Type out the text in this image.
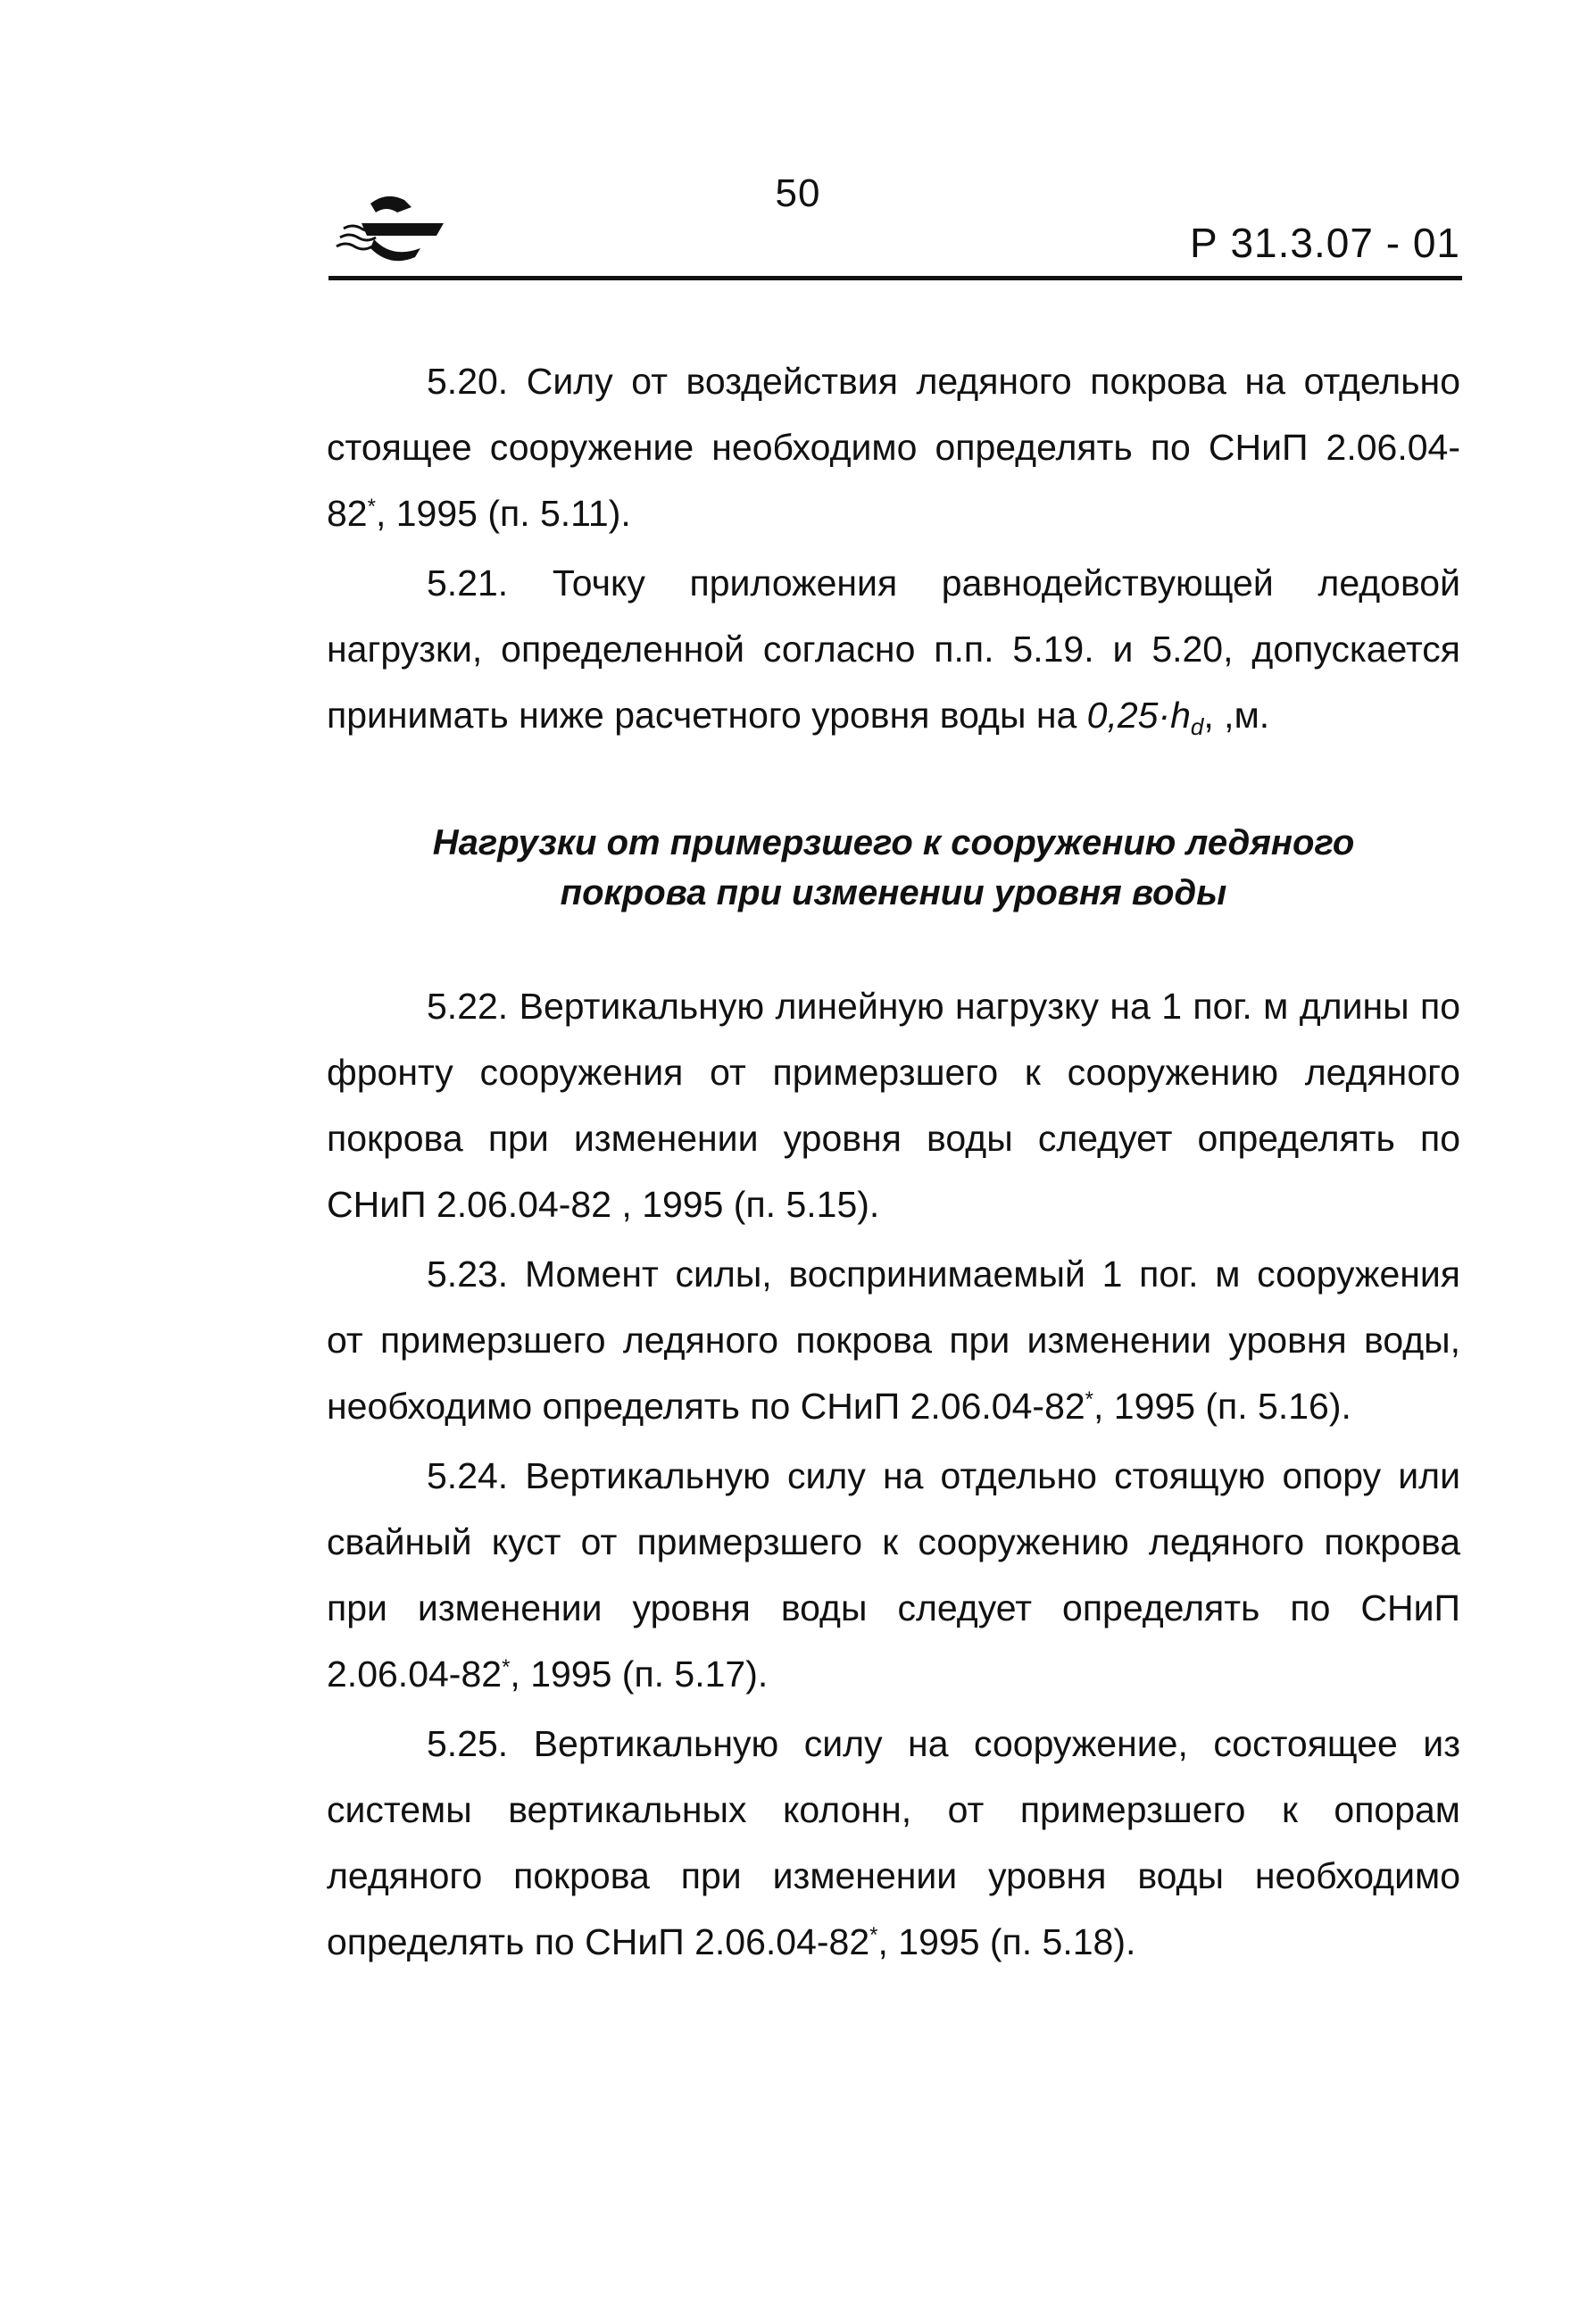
50
Р 31.3.07 - 01

5.20. Силу от воздействия ледяного покрова на отдельно стоящее сооружение необходимо определять по СНиП 2.06.04-82*, 1995 (п. 5.11).

5.21. Точку приложения равнодействующей ледовой нагрузки, определенной согласно п.п. 5.19. и 5.20, допускается принимать ниже расчетного уровня воды на $0,25\cdot h_d$, ,м.

Нагрузки от примерзшего к сооружению ледяного
покрова при изменении уровня воды

5.22. Вертикальную линейную нагрузку на 1 пог. м длины по фронту сооружения от примерзшего к сооружению ледяного покрова при изменении уровня воды следует определять по СНиП 2.06.04-82 , 1995 (п. 5.15).

5.23. Момент силы, воспринимаемый 1 пог. м сооружения от примерзшего ледяного покрова при изменении уровня воды, необходимо определять по СНиП 2.06.04-82*, 1995 (п. 5.16).

5.24. Вертикальную силу на отдельно стоящую опору или свайный куст от примерзшего к сооружению ледяного покрова при изменении уровня воды следует определять по СНиП 2.06.04-82*, 1995 (п. 5.17).

5.25. Вертикальную силу на сооружение, состоящее из системы вертикальных колонн, от примерзшего к опорам ледяного покрова при изменении уровня воды необходимо определять по СНиП 2.06.04-82*, 1995 (п. 5.18).
